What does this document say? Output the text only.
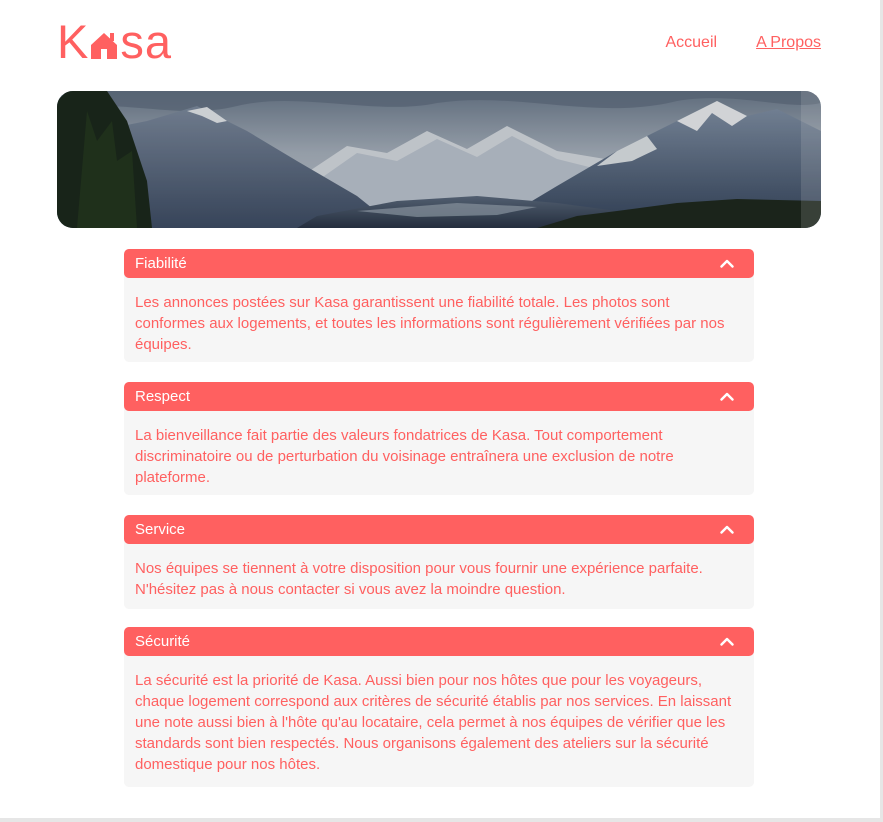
K sa	Accueil A Propos
Fiabilité
Les annonces postées sur Kasa garantissent une fiabilité totale. Les photos sont conformes aux logements, et toutes les informations sont régulièrement vérifiées par nos équipes.
Respect
La bienveillance fait partie des valeurs fondatrices de Kasa. Tout comportement discriminatoire ou de perturbation du voisinage entraînera une exclusion de notre plateforme.
Service
Nos équipes se tiennent à votre disposition pour vous fournir une expérience parfaite. N'hésitez pas à nous contacter si vous avez la moindre question.
Sécurité
La sécurité est la priorité de Kasa. Aussi bien pour nos hôtes que pour les voyageurs, chaque logement correspond aux critères de sécurité établis par nos services. En laissant une note aussi bien à l'hôte qu'au locataire, cela permet à nos équipes de vérifier que les standards sont bien respectés. Nous organisons également des ateliers sur la sécurité domestique pour nos hôtes.
